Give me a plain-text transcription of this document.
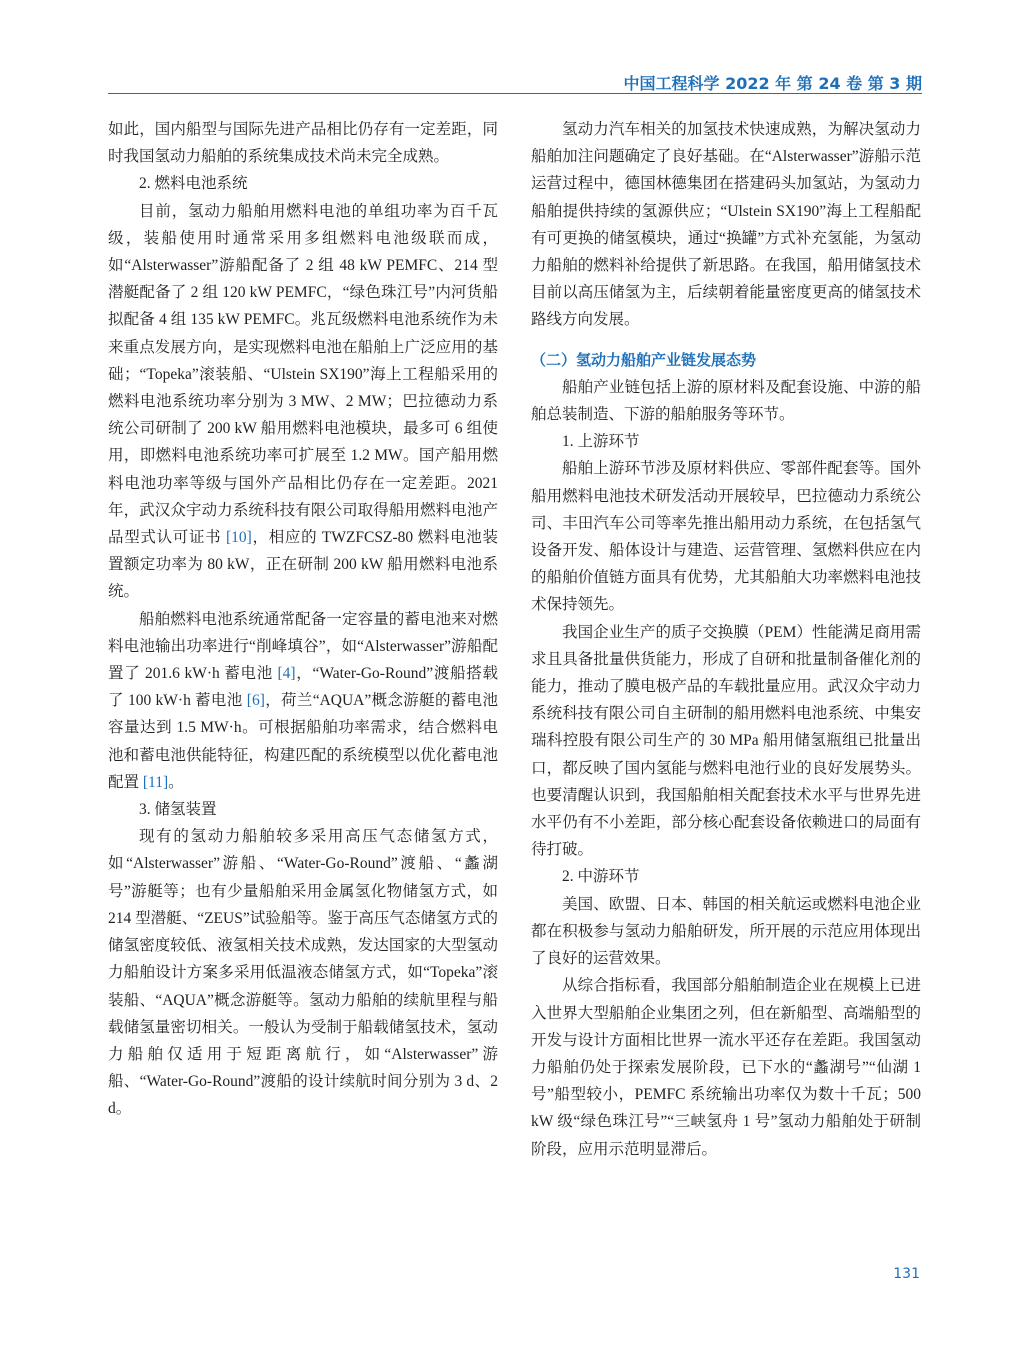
中国工程科学 2022 年 第 24 卷 第 3 期

如此，国内船型与国际先进产品相比仍存有一定差距，同时我国氢动力船舶的系统集成技术尚未完全成熟。

2. 燃料电池系统

目前，氢动力船舶用燃料电池的单组功率为百千瓦级，装船使用时通常采用多组燃料电池级联而成，如“Alsterwasser”游船配备了 2 组 48 kW PEMFC、214 型潜艇配备了 2 组 120 kW PEMFC，“绿色珠江号”内河货船拟配备 4 组 135 kW PEMFC。兆瓦级燃料电池系统作为未来重点发展方向，是实现燃料电池在船舶上广泛应用的基础；“Topeka”滚装船、“Ulstein SX190”海上工程船采用的燃料电池系统功率分别为 3 MW、2 MW；巴拉德动力系统公司研制了 200 kW 船用燃料电池模块，最多可 6 组使用，即燃料电池系统功率可扩展至 1.2 MW。国产船用燃料电池功率等级与国外产品相比仍存在一定差距。2021 年，武汉众宇动力系统科技有限公司取得船用燃料电池产品型式认可证书 [10]，相应的 TWZFCSZ-80 燃料电池装置额定功率为 80 kW，正在研制 200 kW 船用燃料电池系统。

船舶燃料电池系统通常配备一定容量的蓄电池来对燃料电池输出功率进行“削峰填谷”，如“Alsterwasser”游船配置了 201.6 kW·h 蓄电池 [4]，“Water-Go-Round”渡船搭载了 100 kW·h 蓄电池 [6]，荷兰“AQUA”概念游艇的蓄电池容量达到 1.5 MW·h。可根据船舶功率需求，结合燃料电池和蓄电池供能特征，构建匹配的系统模型以优化蓄电池配置 [11]。

3. 储氢装置

现有的氢动力船舶较多采用高压气态储氢方式，如“Alsterwasser”游船、“Water-Go-Round”渡船、“蠡湖号”游艇等；也有少量船舶采用金属氢化物储氢方式，如 214 型潜艇、“ZEUS”试验船等。鉴于高压气态储氢方式的储氢密度较低、液氢相关技术成熟，发达国家的大型氢动力船舶设计方案多采用低温液态储氢方式，如“Topeka”滚装船、“AQUA”概念游艇等。氢动力船舶的续航里程与船载储氢量密切相关。一般认为受制于船载储氢技术，氢动力船舶仅适用于短距离航行，如“Alsterwasser”游船、“Water-Go-Round”渡船的设计续航时间分别为 3 d、2 d。

氢动力汽车相关的加氢技术快速成熟，为解决氢动力船舶加注问题确定了良好基础。在“Alsterwasser”游船示范运营过程中，德国林德集团在搭建码头加氢站，为氢动力船舶提供持续的氢源供应；“Ulstein SX190”海上工程船配有可更换的储氢模块，通过“换罐”方式补充氢能，为氢动力船舶的燃料补给提供了新思路。在我国，船用储氢技术目前以高压储氢为主，后续朝着能量密度更高的储氢技术路线方向发展。

（二）氢动力船舶产业链发展态势

船舶产业链包括上游的原材料及配套设施、中游的船舶总装制造、下游的船舶服务等环节。

1. 上游环节

船舶上游环节涉及原材料供应、零部件配套等。国外船用燃料电池技术研发活动开展较早，巴拉德动力系统公司、丰田汽车公司等率先推出船用动力系统，在包括氢气设备开发、船体设计与建造、运营管理、氢燃料供应在内的船舶价值链方面具有优势，尤其船舶大功率燃料电池技术保持领先。

我国企业生产的质子交换膜（PEM）性能满足商用需求且具备批量供货能力，形成了自研和批量制备催化剂的能力，推动了膜电极产品的车载批量应用。武汉众宇动力系统科技有限公司自主研制的船用燃料电池系统、中集安瑞科控股有限公司生产的 30 MPa 船用储氢瓶组已批量出口，都反映了国内氢能与燃料电池行业的良好发展势头。也要清醒认识到，我国船舶相关配套技术水平与世界先进水平仍有不小差距，部分核心配套设备依赖进口的局面有待打破。

2. 中游环节

美国、欧盟、日本、韩国的相关航运或燃料电池企业都在积极参与氢动力船舶研发，所开展的示范应用体现出了良好的运营效果。

从综合指标看，我国部分船舶制造企业在规模上已进入世界大型船舶企业集团之列，但在新船型、高端船型的开发与设计方面相比世界一流水平还存在差距。我国氢动力船舶仍处于探索发展阶段，已下水的“蠡湖号”“仙湖 1 号”船型较小，PEMFC 系统输出功率仅为数十千瓦；500 kW 级“绿色珠江号”“三峡氢舟 1 号”氢动力船舶处于研制阶段，应用示范明显滞后。

131
